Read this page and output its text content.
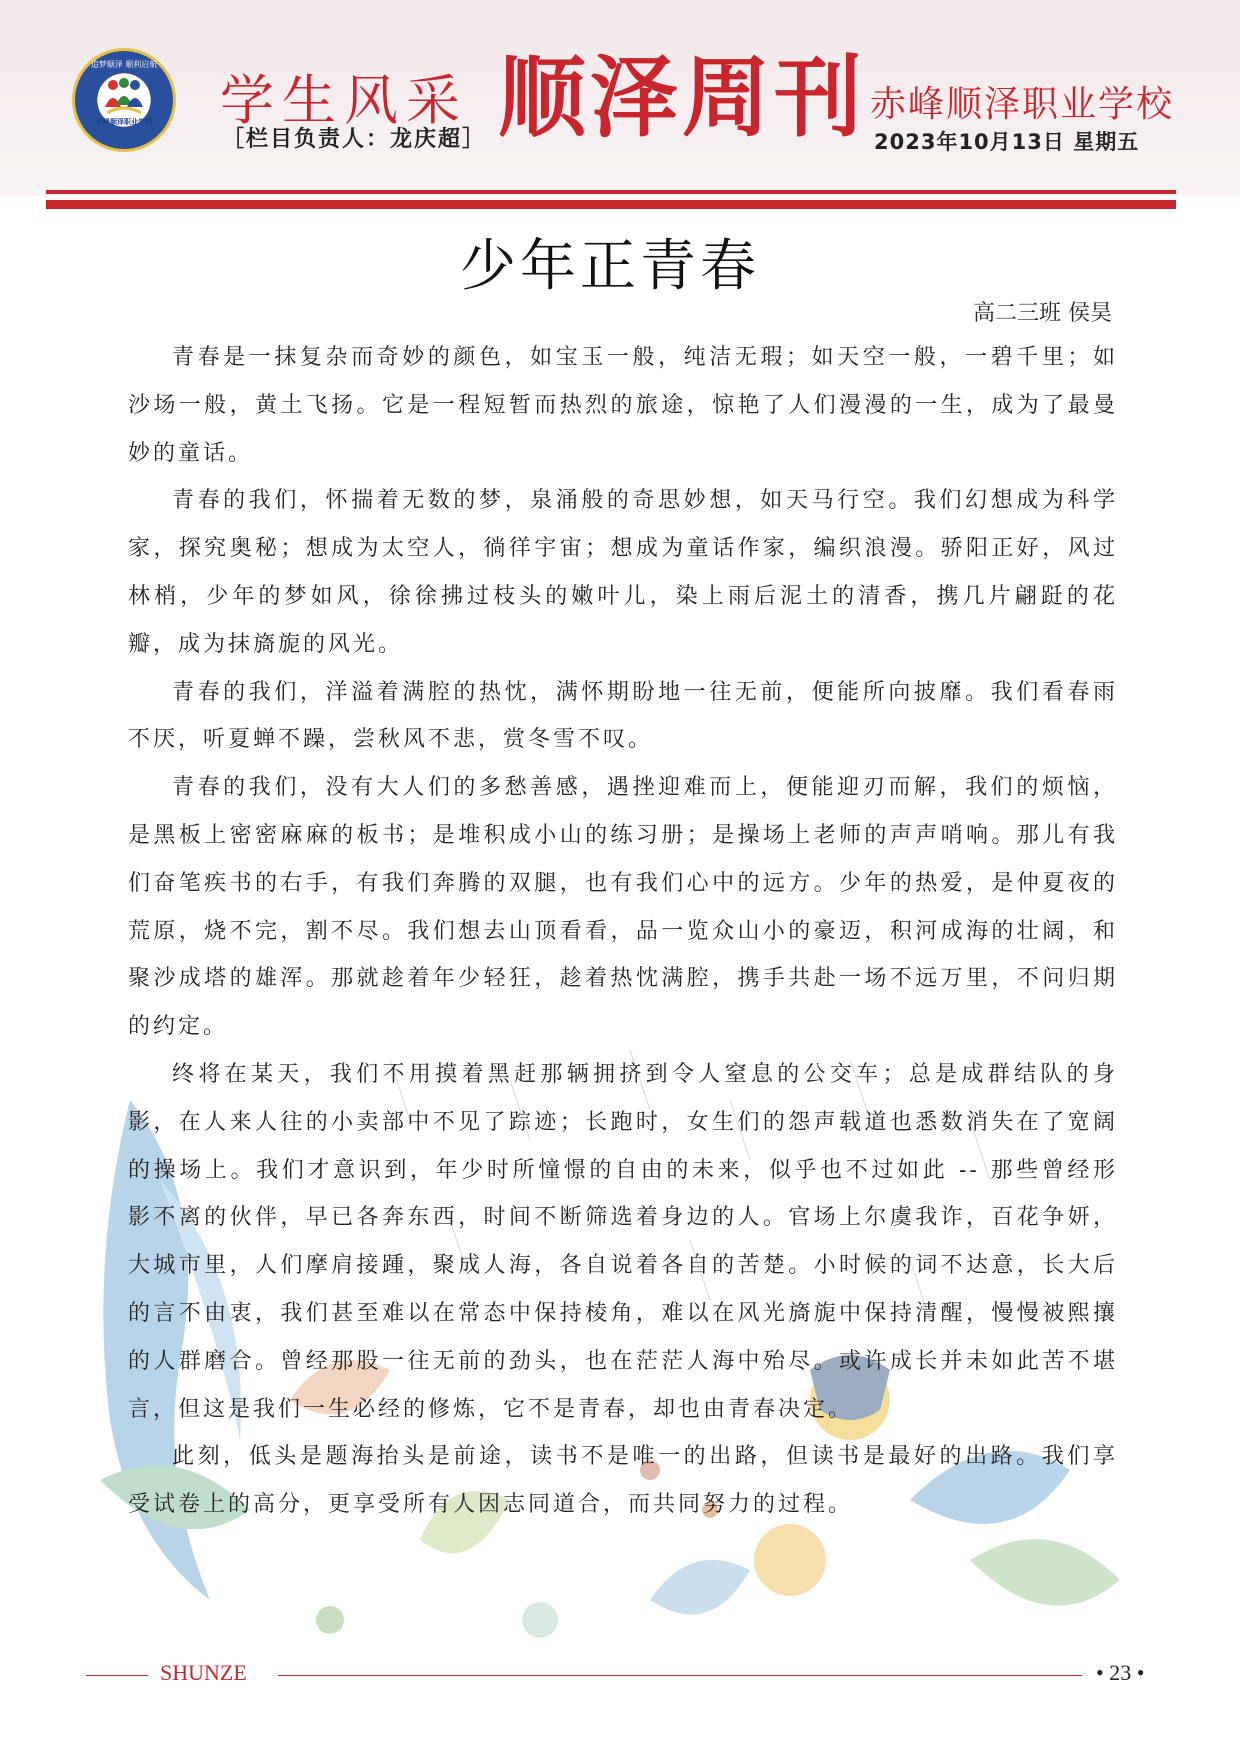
追梦顺泽 顺利启航
赤峰顺泽职业学校 学生风采
［栏目负责人：龙庆超］ 顺泽周刊 赤峰顺泽职业学校
2023年10月13日 星期五
少年正青春
高二三班 侯昊

青春是一抹复杂而奇妙的颜色，如宝玉一般，纯洁无瑕；如天空一般，一碧千里；如沙场一般，黄土飞扬。它是一程短暂而热烈的旅途，惊艳了人们漫漫的一生，成为了最曼妙的童话。

青春的我们，怀揣着无数的梦，泉涌般的奇思妙想，如天马行空。我们幻想成为科学家，探究奥秘；想成为太空人，徜徉宇宙；想成为童话作家，编织浪漫。骄阳正好，风过林梢，少年的梦如风，徐徐拂过枝头的嫩叶儿，染上雨后泥土的清香，携几片翩跹的花瓣，成为抹旖旎的风光。

青春的我们，洋溢着满腔的热忱，满怀期盼地一往无前，便能所向披靡。我们看春雨不厌，听夏蝉不躁，尝秋风不悲，赏冬雪不叹。

青春的我们，没有大人们的多愁善感，遇挫迎难而上，便能迎刃而解，我们的烦恼，是黑板上密密麻麻的板书；是堆积成小山的练习册；是操场上老师的声声哨响。那儿有我们奋笔疾书的右手，有我们奔腾的双腿，也有我们心中的远方。少年的热爱，是仲夏夜的荒原，烧不完，割不尽。我们想去山顶看看，品一览众山小的豪迈，积河成海的壮阔，和聚沙成塔的雄浑。那就趁着年少轻狂，趁着热忱满腔，携手共赴一场不远万里，不问归期的约定。

终将在某天，我们不用摸着黑赶那辆拥挤到令人窒息的公交车；总是成群结队的身影，在人来人往的小卖部中不见了踪迹；长跑时，女生们的怨声载道也悉数消失在了宽阔的操场上。我们才意识到，年少时所憧憬的自由的未来，似乎也不过如此 -- 那些曾经形影不离的伙伴，早已各奔东西，时间不断筛选着身边的人。官场上尔虞我诈，百花争妍，大城市里，人们摩肩接踵，聚成人海，各自说着各自的苦楚。小时候的词不达意，长大后的言不由衷，我们甚至难以在常态中保持棱角，难以在风光旖旎中保持清醒，慢慢被熙攘的人群磨合。曾经那股一往无前的劲头，也在茫茫人海中殆尽。或许成长并未如此苦不堪言，但这是我们一生必经的修炼，它不是青春，却也由青春决定。

此刻，低头是题海抬头是前途，读书不是唯一的出路，但读书是最好的出路。我们享受试卷上的高分，更享受所有人因志同道合，而共同努力的过程。

SHUNZE	• 23 •
